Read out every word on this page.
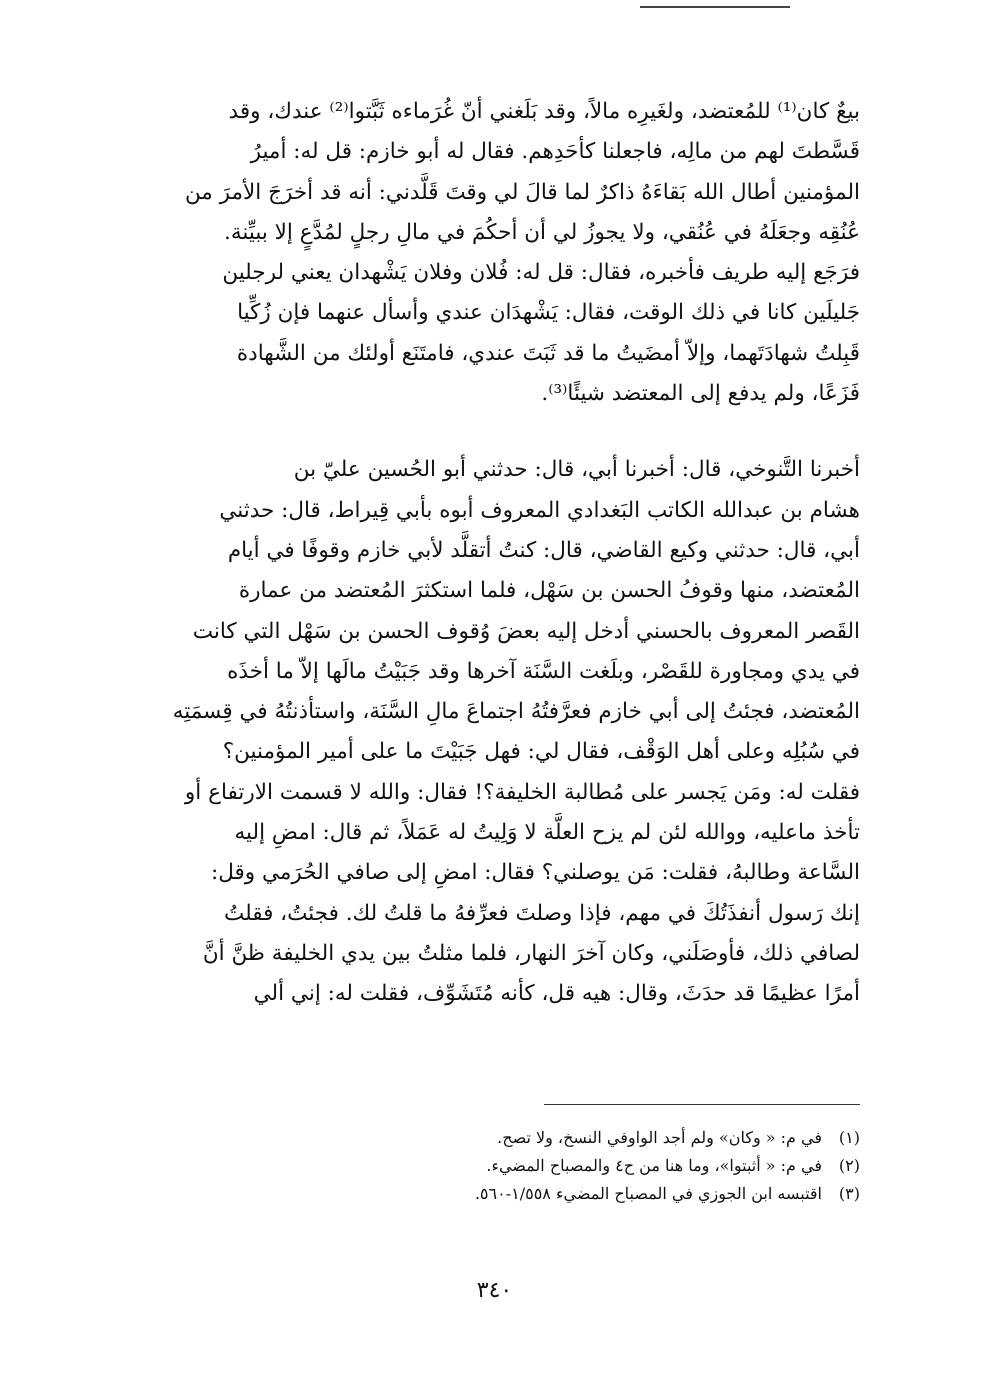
بيعٌ كان⁽¹⁾ للمُعتضد، ولغَيرِه مالاً، وقد بَلَغني أنّ غُرَماءه ثَبَّتوا⁽²⁾ عندك، وقد
قَسَّطتَ لهم من مالِه، فاجعلنا كأحَدِهم. فقال له أبو خازم: قل له: أميرُ
المؤمنين أطال الله بَقاءَهُ ذاكرٌ لما قالَ لي وقتَ قَلَّدني: أنه قد أخرَجَ الأمرَ من
عُنُقِه وجعَلَهُ في عُنُقي، ولا يجوزُ لي أن أحكُمَ في مالِ رجلٍ لمُدَّعٍ إلا ببيِّنة.
فرَجَع إليه طريف فأخبره، فقال: قل له: فُلان وفلان يَشْهدان يعني لرجلين
جَليلَين كانا في ذلك الوقت، فقال: يَشْهدَان عندي وأسأل عنهما فإن زُكِّيا
قَبِلتُ شهادَتَهما، وإلاّ أمضَيتُ ما قد ثَبَتَ عندي، فامتَنَع أولئك من الشَّهادة
فَزَعًا، ولم يدفع إلى المعتضد شيئًا⁽³⁾.
أخبرنا التَّنوخي، قال: أخبرنا أبي، قال: حدثني أبو الحُسين عليّ بن
هشام بن عبدالله الكاتب البَغدادي المعروف أبوه بأبي قِيراط، قال: حدثني
أبي، قال: حدثني وكيع القاضي، قال: كنتُ أتقلَّد لأبي خازم وقوفًا في أيام
المُعتضد، منها وقوفُ الحسن بن سَهْل، فلما استكثرَ المُعتضد من عمارة
القَصر المعروف بالحسني أدخل إليه بعضَ وُقوف الحسن بن سَهْل التي كانت
في يدي ومجاورة للقَصْر، وبلَغت السَّنَة آخرها وقد جَبَيْتُ مالَها إلاّ ما أخذَه
المُعتضد، فجئتُ إلى أبي خازم فعرَّفتُهُ اجتماعَ مالِ السَّنَة، واستأذنتُهُ في قِسمَتِه
في سُبُلِه وعلى أهل الوَقْف، فقال لي: فهل جَبَيْتَ ما على أمير المؤمنين؟
فقلت له: ومَن يَجسر على مُطالبة الخليفة؟! فقال: والله لا قسمت الارتفاع أو
تأخذ ماعليه، ووالله لئن لم يزح العلَّة لا وَلِيتُ له عَمَلاً، ثم قال: امضِ إليه
السَّاعة وطالبهُ، فقلت: مَن يوصلني؟ فقال: امضِ إلى صافي الحُرَمي وقل:
إنك رَسول أنفذَتُكَ في مهم، فإذا وصلتَ فعرِّفهُ ما قلتُ لك. فجئتُ، فقلتُ
لصافي ذلك، فأوصَلَني، وكان آخرَ النهار، فلما مثلتُ بين يدي الخليفة ظنَّ أنَّ
أمرًا عظيمًا قد حدَثَ، وقال: هيه قل، كأنه مُتَشَوِّف، فقلت له: إني ألي
(١)
في م: « وكان» ولم أجد الواوفي النسخ، ولا تصح.
(٢)
في م: « أثبتوا»، وما هنا من ح٤ والمصباح المضيء.
(٣)
اقتبسه ابن الجوزي في المصباح المضيء ١/٥٥٨-٥٦٠.
٣٤٠
